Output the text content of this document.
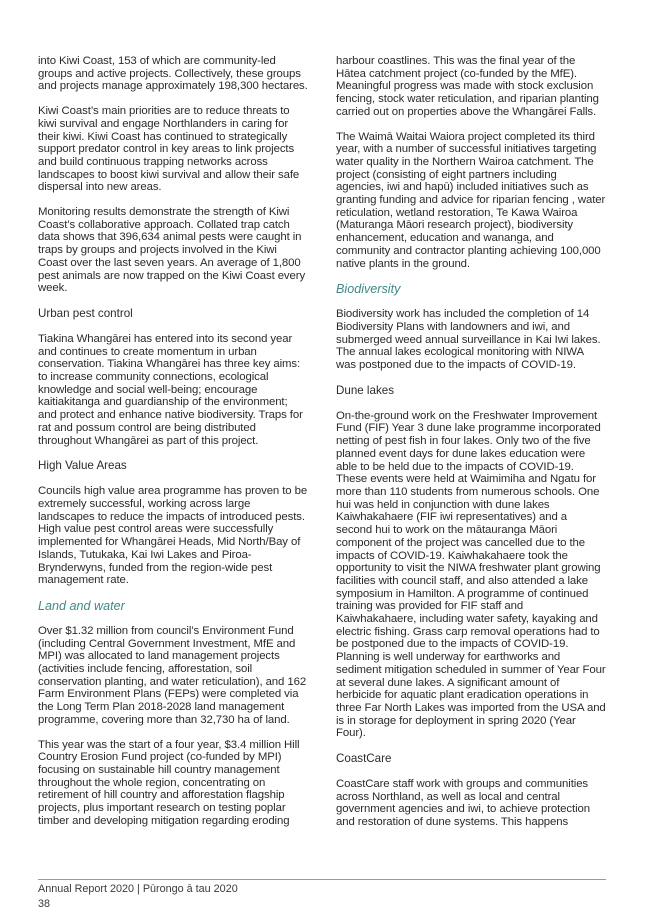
into Kiwi Coast, 153 of which are community-led groups and active projects. Collectively, these groups and projects manage approximately 198,300 hectares.

Kiwi Coast’s main priorities are to reduce threats to kiwi survival and engage Northlanders in caring for their kiwi. Kiwi Coast has continued to strategically support predator control in key areas to link projects and build continuous trapping networks across landscapes to boost kiwi survival and allow their safe dispersal into new areas.

Monitoring results demonstrate the strength of Kiwi Coast’s collaborative approach. Collated trap catch data shows that 396,634 animal pests were caught in traps by groups and projects involved in the Kiwi Coast over the last seven years. An average of 1,800 pest animals are now trapped on the Kiwi Coast every week.

Urban pest control

Tiakina Whangārei has entered into its second year and continues to create momentum in urban conservation. Tiakina Whangārei has three key aims: to increase community connections, ecological knowledge and social well-being; encourage kaitiakitanga and guardianship of the environment; and protect and enhance native biodiversity. Traps for rat and possum control are being distributed throughout Whangārei as part of this project.

High Value Areas

Councils high value area programme has proven to be extremely successful, working across large landscapes to reduce the impacts of introduced pests. High value pest control areas were successfully implemented for Whangārei Heads, Mid North/Bay of Islands, Tutukaka, Kai Iwi Lakes and Piroa-Brynderwyns, funded from the region-wide pest management rate.

Land and water

Over $1.32 million from council’s Environment Fund (including Central Government Investment, MfE and MPI) was allocated to land management projects (activities include fencing, afforestation, soil conservation planting, and water reticulation), and 162 Farm Environment Plans (FEPs) were completed via the Long Term Plan 2018-2028 land management programme, covering more than 32,730 ha of land.

This year was the start of a four year, $3.4 million Hill Country Erosion Fund project (co-funded by MPI) focusing on sustainable hill country management throughout the whole region, concentrating on retirement of hill country and afforestation flagship projects, plus important research on testing poplar timber and developing mitigation regarding eroding

harbour coastlines. This was the final year of the Hātea catchment project (co-funded by the MfE). Meaningful progress was made with stock exclusion fencing, stock water reticulation, and riparian planting carried out on properties above the Whangārei Falls.

The Waimā Waitai Waiora project completed its third year, with a number of successful initiatives targeting water quality in the Northern Wairoa catchment. The project (consisting of eight partners including agencies, iwi and hapū) included initiatives such as granting funding and advice for riparian fencing , water reticulation, wetland restoration, Te Kawa Wairoa (Maturanga Māori research project), biodiversity enhancement, education and wananga, and community and contractor planting achieving 100,000 native plants in the ground.

Biodiversity

Biodiversity work has included the completion of 14 Biodiversity Plans with landowners and iwi, and submerged weed annual surveillance in Kai Iwi lakes. The annual lakes ecological monitoring with NIWA was postponed due to the impacts of COVID-19.

Dune lakes

On-the-ground work on the Freshwater Improvement Fund (FIF) Year 3 dune lake programme incorporated netting of pest fish in four lakes. Only two of the five planned event days for dune lakes education were able to be held due to the impacts of COVID-19. These events were held at Waimimiha and Ngatu for more than 110 students from numerous schools. One hui was held in conjunction with dune lakes Kaiwhakahaere (FIF iwi representatives) and a second hui to work on the mātauranga Māori component of the project was cancelled due to the impacts of COVID-19. Kaiwhakahaere took the opportunity to visit the NIWA freshwater plant growing facilities with council staff, and also attended a lake symposium in Hamilton. A programme of continued training was provided for FIF staff and Kaiwhakahaere, including water safety, kayaking and electric fishing. Grass carp removal operations had to be postponed due to the impacts of COVID-19. Planning is well underway for earthworks and sediment mitigation scheduled in summer of Year Four at several dune lakes. A significant amount of herbicide for aquatic plant eradication operations in three Far North Lakes was imported from the USA and is in storage for deployment in spring 2020 (Year Four).

CoastCare

CoastCare staff work with groups and communities across Northland, as well as local and central government agencies and iwi, to achieve protection and restoration of dune systems. This happens

Annual Report 2020 | Pūrongo ā tau 2020
38
